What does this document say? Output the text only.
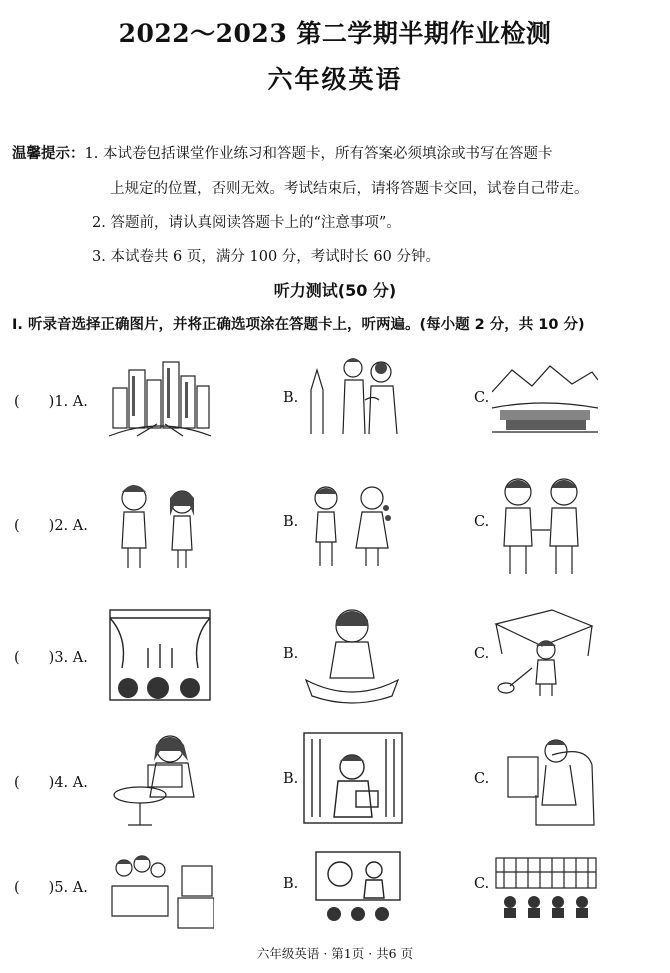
2022～2023 第二学期半期作业检测
六年级英语
温馨提示：1. 本试卷包括课堂作业练习和答题卡，所有答案必须填涂或书写在答题卡
上规定的位置，否则无效。考试结束后，请将答题卡交回，试卷自己带走。
2. 答题前，请认真阅读答题卡上的“注意事项”。
3. 本试卷共 6 页，满分 100 分，考试时长 60 分钟。
听力测试(50 分)
I. 听录音选择正确图片，并将正确选项涂在答题卡上，听两遍。(每小题 2 分，共 10 分)
(　　)1. A.	B.	C.
(　　)2. A.	B.	C.
(　　)3. A.	B.	C.
(　　)4. A.	B.	C.
(　　)5. A.	B.	C.
六年级英语 · 第1页 · 共6 页
